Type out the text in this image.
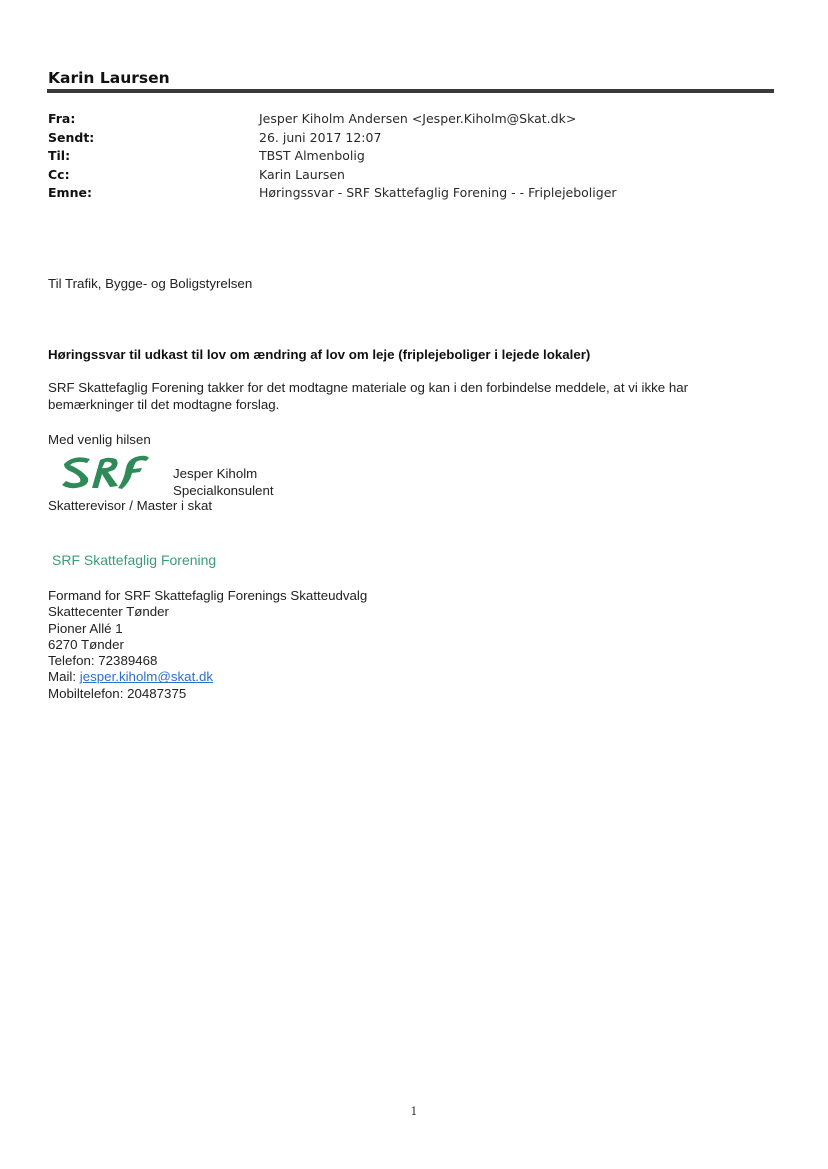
Karin Laursen
Fra:	Jesper Kiholm Andersen <Jesper.Kiholm@Skat.dk>
Sendt:	26. juni 2017 12:07
Til:	TBST Almenbolig
Cc:	Karin Laursen
Emne:	Høringssvar - SRF Skattefaglig Forening - - Friplejeboliger
Til Trafik, Bygge- og Boligstyrelsen
Høringssvar til udkast til lov om ændring af lov om leje (friplejeboliger i lejede lokaler)
SRF Skattefaglig Forening takker for det modtagne materiale og kan i den forbindelse meddele, at vi ikke har
bemærkninger til det modtagne forslag.
Med venlig hilsen
Jesper Kiholm
Specialkonsulent
Skatterevisor / Master i skat
SRF Skattefaglig Forening
Formand for SRF Skattefaglig Forenings Skatteudvalg
Skattecenter Tønder
Pioner Allé 1
6270 Tønder
Telefon: 72389468
Mail: jesper.kiholm@skat.dk
Mobiltelefon: 20487375
1
